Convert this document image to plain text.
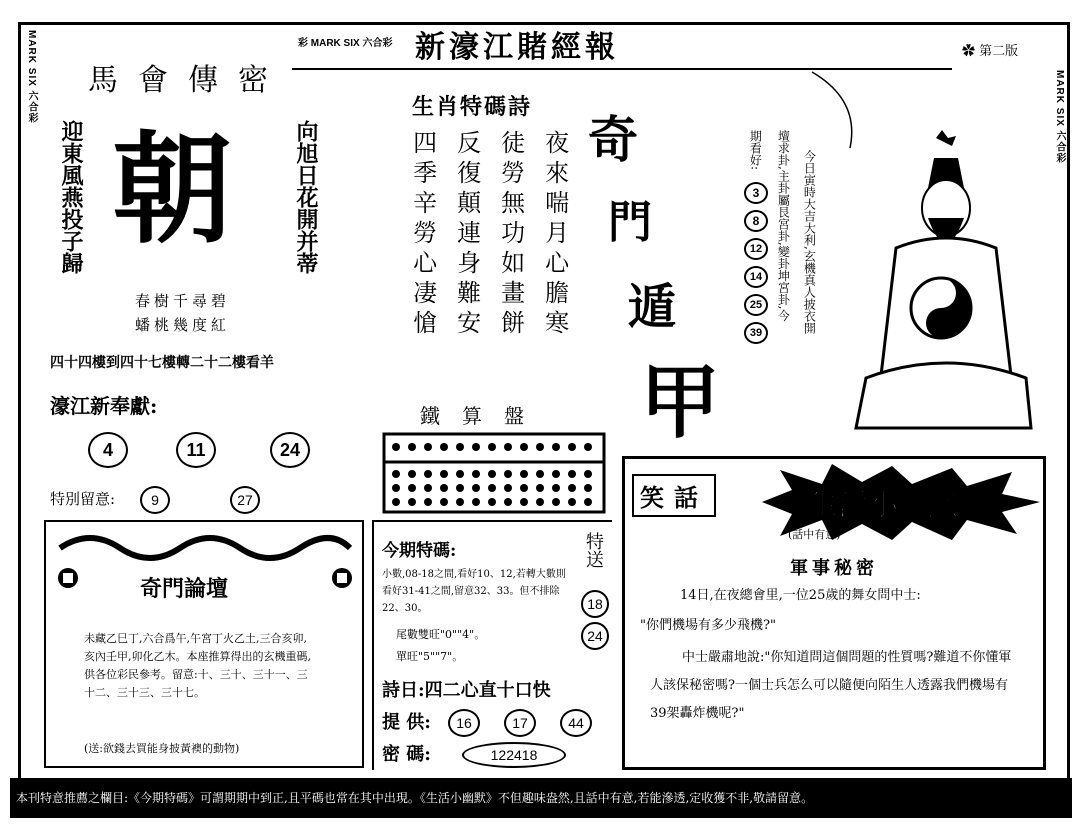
MARK SIX 六合彩	MARK SIX 六合彩
彩 MARK SIX 六合彩 新濠江賭經報	✿ 第二版
馬會傳密
迎東風燕投子歸	向旭日花開并蒂
朝
春樹千尋碧
蟠桃幾度紅
四十四樓到四十七樓轉二十二樓看羊
濠江新奉獻:
4	11	24
特別留意:	9	27
奇門論壇
未藏乙巳丁,六合爲午,午宮丁火乙土,三合亥卯,亥內壬甲,卯化乙木。本座推算得出的玄機重碼,供各位彩民參考。留意:十、三十、三十一、三十二、三十三、三十七。
(送:欲錢去買能身披黃襖的動物)
生肖特碼詩
夜來喘月心膽寒
徒勞無功如畫餅
反復顛連身難安
四季辛勞心凄愴	奇
門
遁
甲
鐵算盤
今期特碼:	特送
小數,08-18之間,看好10、12,若轉大數則看好31-41之間,留意32、33。但不排除22、30。	18
24
尾數雙旺"0""4"。
單旺"5""7"。
詩日:四二心直十口快
提 供:	16	17	44
密 碼:	122418
今日寅時大吉大利,玄機真人披衣開
壇求卦,主卦屬艮宮卦,變卦坤宮卦,今
期看好:
3
8
12
14
25
39
笑話	生活小幽默
(話中有意)
軍事秘密
14日,在夜總會里,一位25歲的舞女問中士:
"你們機場有多少飛機?"
中士嚴肅地說:"你知道問這個問題的性質嗎?難道不你懂軍人該保秘密嗎?一個士兵怎么可以隨便向陌生人透露我們機場有39架轟炸機呢?"
本刊特意推薦之欄目:《今期特碼》可謂期期中到正,且平碼也常在其中出現。《生活小幽默》不但趣味盎然,且話中有意,若能滲透,定收獲不非,敬請留意。
